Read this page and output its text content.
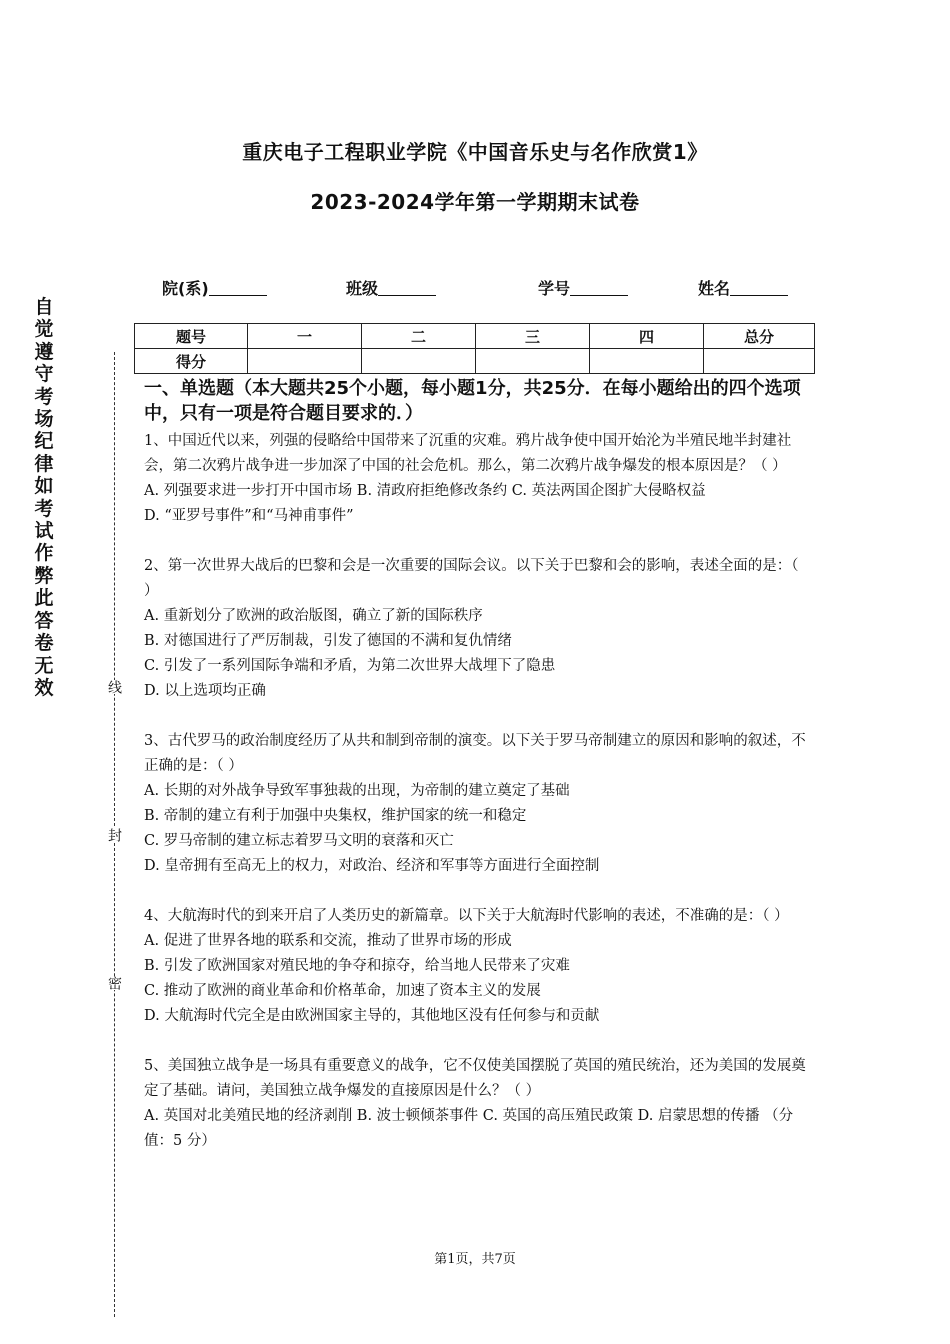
重庆电子工程职业学院《中国音乐史与名作欣赏1》
2023-2024学年第一学期期末试卷
院(系)	班级	学号	姓名
题号	一	二	三	四	总分
得分					
自觉遵守考场纪律如考试作弊此答卷无效	线
封
密
一、单选题（本大题共25个小题，每小题1分，共25分．在每小题给出的四个选项中，只有一项是符合题目要求的．）

1、中国近代以来，列强的侵略给中国带来了沉重的灾难。鸦片战争使中国开始沦为半殖民地半封建社会，第二次鸦片战争进一步加深了中国的社会危机。那么，第二次鸦片战争爆发的根本原因是？（ ）

A. 列强要求进一步打开中国市场 B. 清政府拒绝修改条约 C. 英法两国企图扩大侵略权益

D. “亚罗号事件”和“马神甫事件”

2、第一次世界大战后的巴黎和会是一次重要的国际会议。以下关于巴黎和会的影响，表述全面的是：（ ）

A. 重新划分了欧洲的政治版图，确立了新的国际秩序

B. 对德国进行了严厉制裁，引发了德国的不满和复仇情绪

C. 引发了一系列国际争端和矛盾，为第二次世界大战埋下了隐患

D. 以上选项均正确

3、古代罗马的政治制度经历了从共和制到帝制的演变。以下关于罗马帝制建立的原因和影响的叙述，不正确的是：（ ）

A. 长期的对外战争导致军事独裁的出现，为帝制的建立奠定了基础

B. 帝制的建立有利于加强中央集权，维护国家的统一和稳定

C. 罗马帝制的建立标志着罗马文明的衰落和灭亡

D. 皇帝拥有至高无上的权力，对政治、经济和军事等方面进行全面控制

4、大航海时代的到来开启了人类历史的新篇章。以下关于大航海时代影响的表述，不准确的是：（ ）

A. 促进了世界各地的联系和交流，推动了世界市场的形成

B. 引发了欧洲国家对殖民地的争夺和掠夺，给当地人民带来了灾难

C. 推动了欧洲的商业革命和价格革命，加速了资本主义的发展

D. 大航海时代完全是由欧洲国家主导的，其他地区没有任何参与和贡献

5、美国独立战争是一场具有重要意义的战争，它不仅使美国摆脱了英国的殖民统治，还为美国的发展奠定了基础。请问，美国独立战争爆发的直接原因是什么？（ ）

A. 英国对北美殖民地的经济剥削 B. 波士顿倾茶事件 C. 英国的高压殖民政策 D. 启蒙思想的传播 （分值：5 分）

第1页，共7页
